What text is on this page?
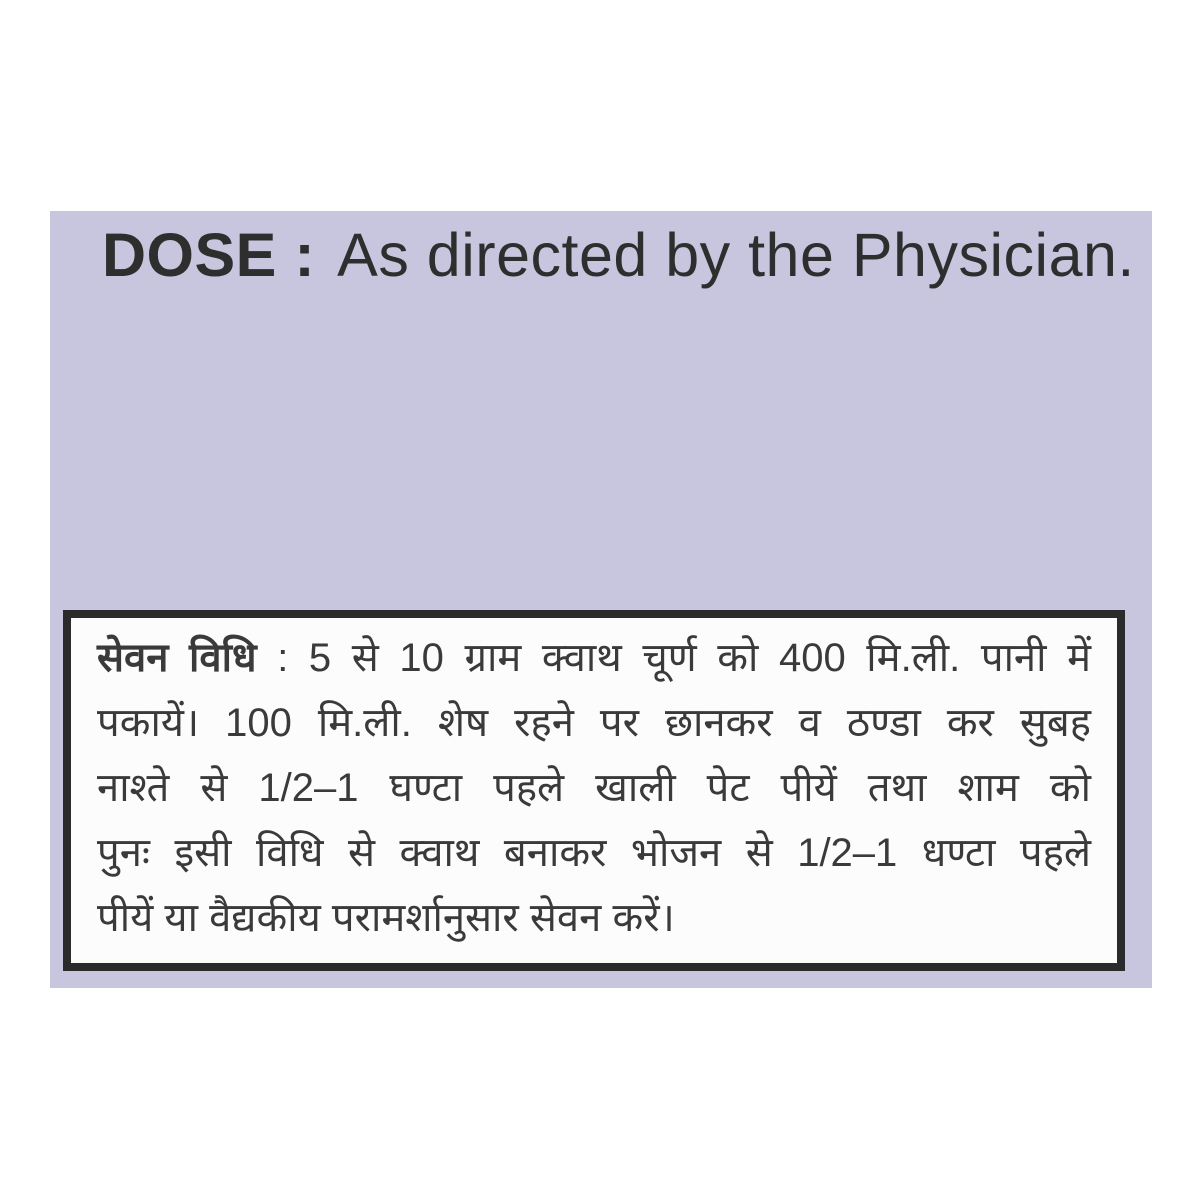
DOSE : As directed by the Physician.
सेवन विधि : 5 से 10 ग्राम क्वाथ चूर्ण को 400 मि.ली. पानी में
पकायें। 100 मि.ली. शेष रहने पर छानकर व ठण्डा कर सुबह
नाश्ते से 1/2–1 घण्टा पहले खाली पेट पीयें तथा शाम को
पुनः इसी विधि से क्वाथ बनाकर भोजन से 1/2–1 धण्टा पहले
पीयें या वैद्यकीय परामर्शानुसार सेवन करें।
